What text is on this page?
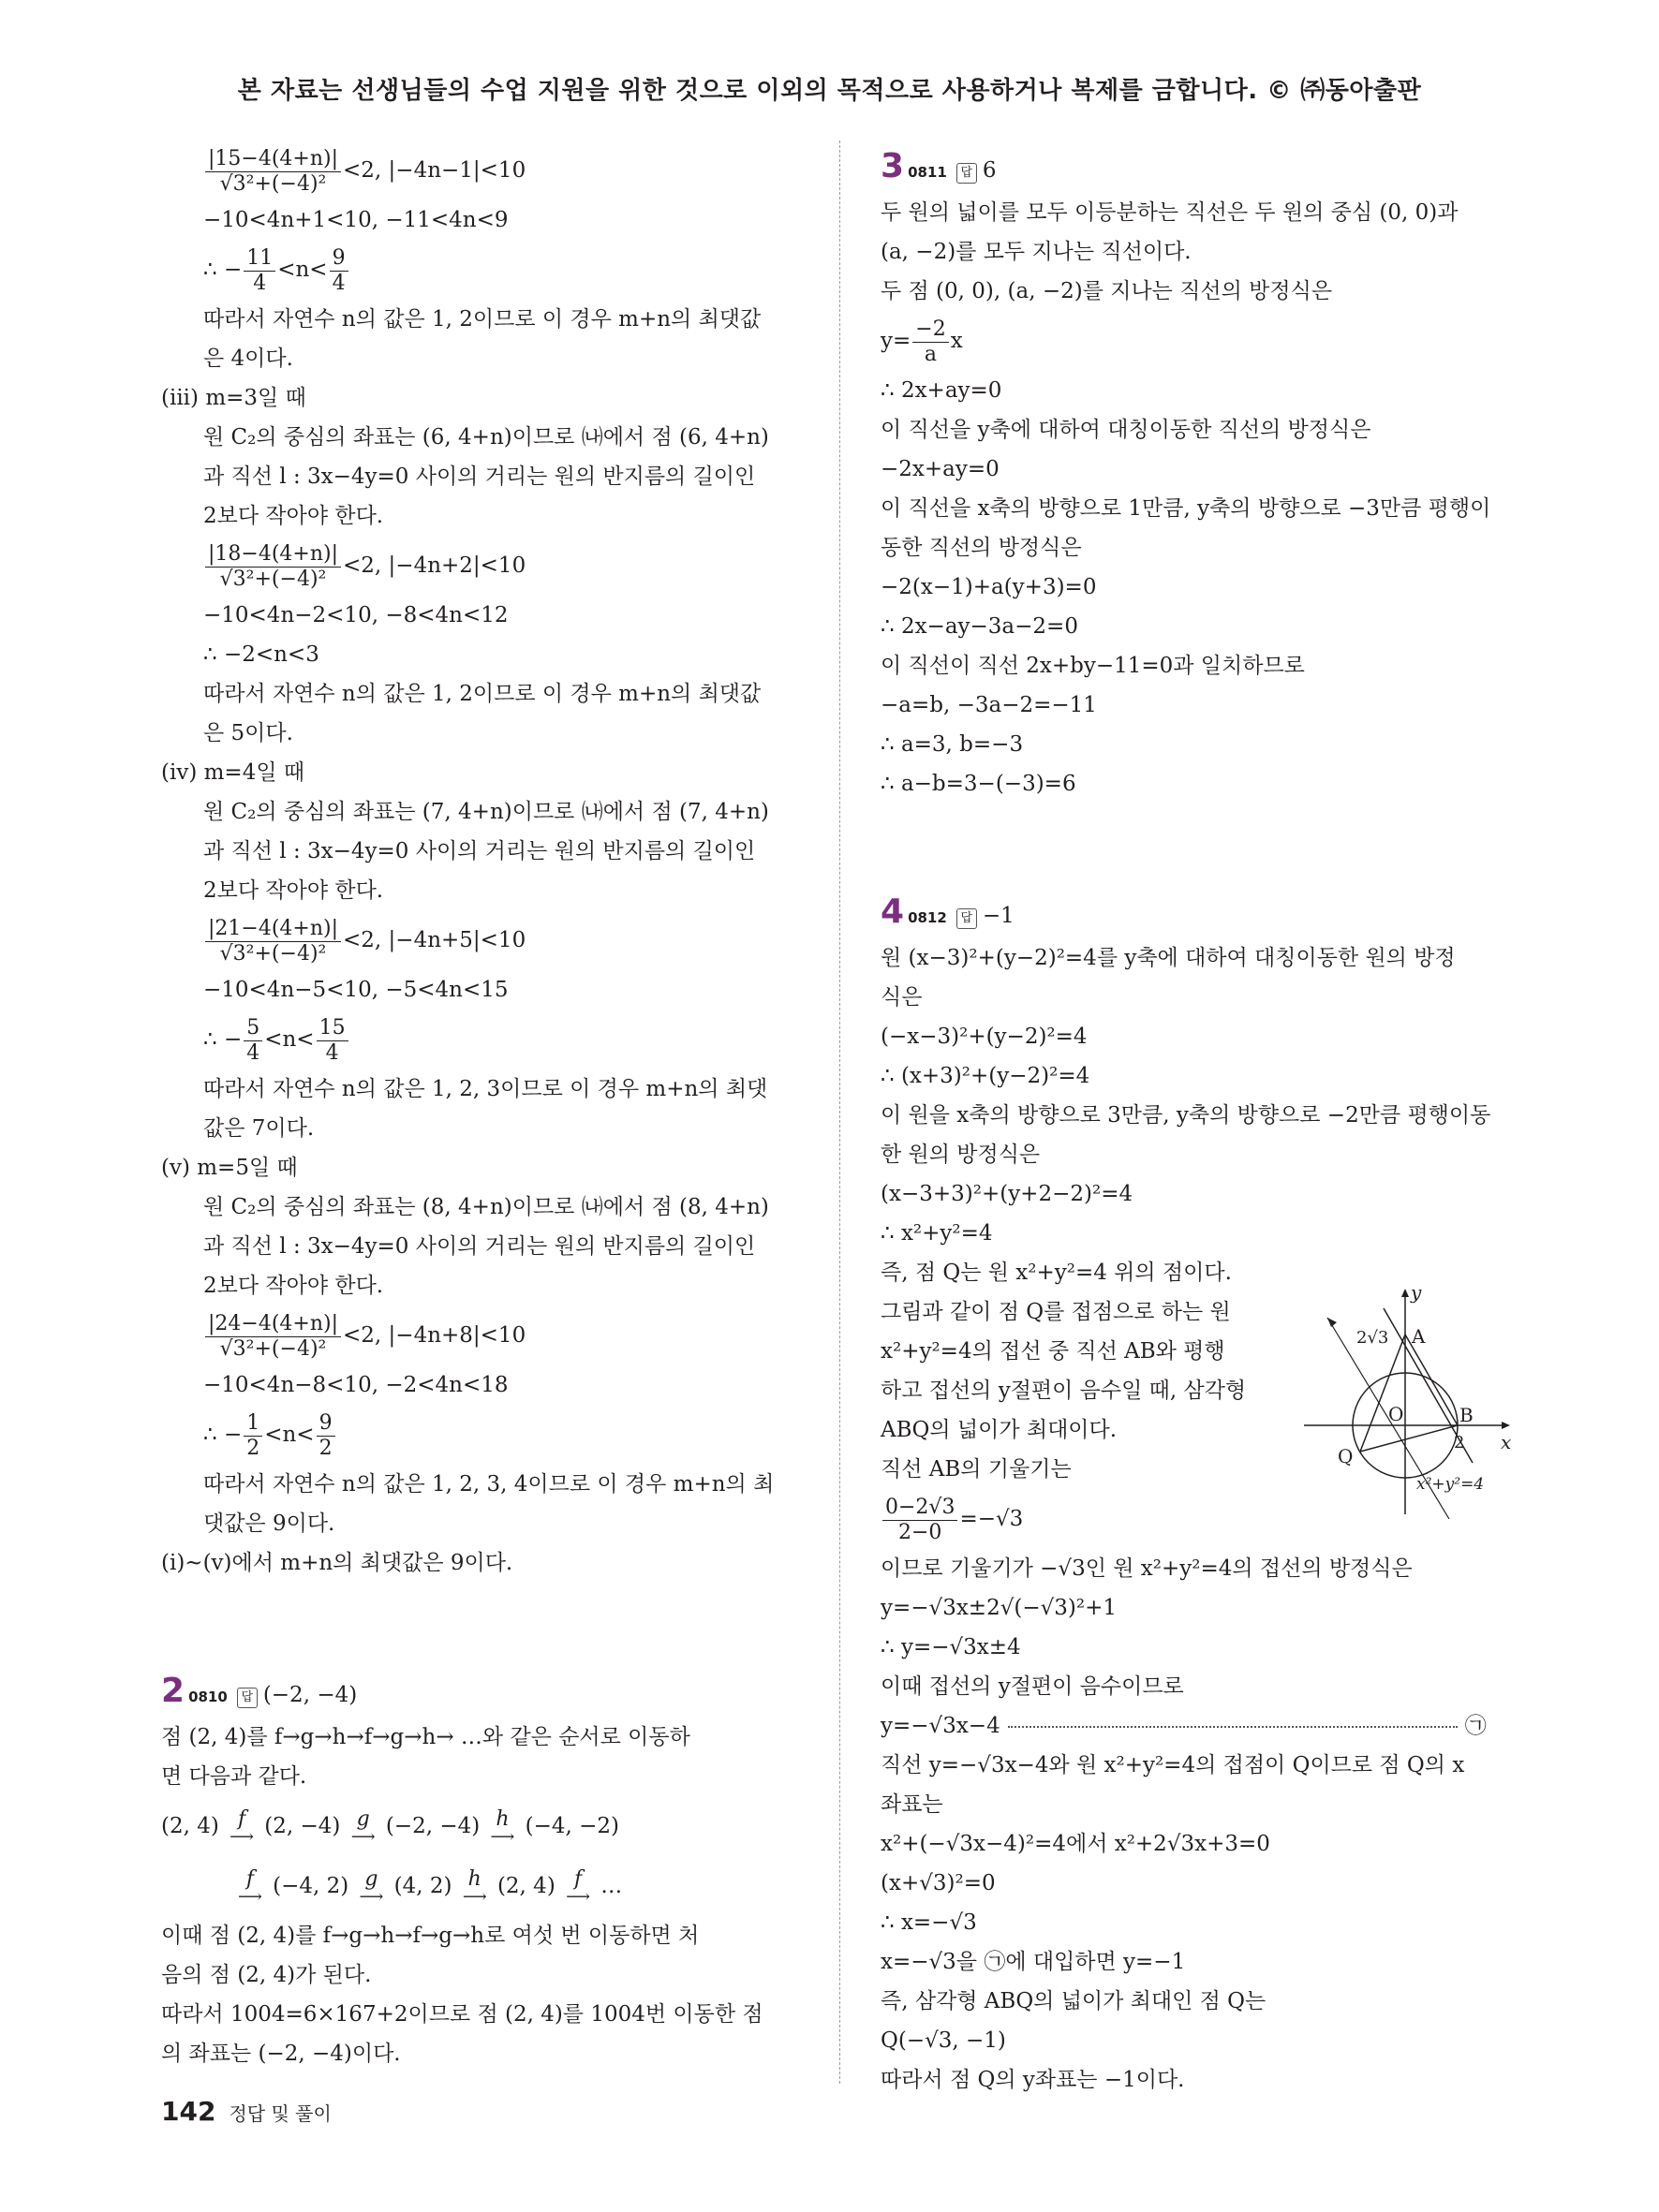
본 자료는 선생님들의 수업 지원을 위한 것으로 이외의 목적으로 사용하거나 복제를 금합니다. © ㈜동아출판
$\frac{|15-4(4+n)|}{\text{√3²+(−4)²}} <2$, |−4n−1|<10
−10<4n+1<10, −11<4n<9
∴ − $\frac{11}{4} <n< \frac{9}{4}$
따라서 자연수 n의 값은 1, 2이므로 이 경우 m+n의 최댓값
은 4이다.
(iii) m=3일 때
원 C₂의 중심의 좌표는 (6, 4+n)이므로 ㈏에서 점 (6, 4+n)
과 직선 l : 3x−4y=0 사이의 거리는 원의 반지름의 길이인
2보다 작아야 한다.
$\frac{|18-4(4+n)|}{\text{√3²+(−4)²}} <2$, |−4n+2|<10
−10<4n−2<10, −8<4n<12
∴ −2<n<3
따라서 자연수 n의 값은 1, 2이므로 이 경우 m+n의 최댓값
은 5이다.
(iv) m=4일 때
원 C₂의 중심의 좌표는 (7, 4+n)이므로 ㈏에서 점 (7, 4+n)
과 직선 l : 3x−4y=0 사이의 거리는 원의 반지름의 길이인
2보다 작아야 한다.
$\frac{|21-4(4+n)|}{\text{√3²+(−4)²}} <2$, |−4n+5|<10
−10<4n−5<10, −5<4n<15
∴ − $\frac{5}{4} <n< \frac{15}{4}$
따라서 자연수 n의 값은 1, 2, 3이므로 이 경우 m+n의 최댓
값은 7이다.
(v) m=5일 때
원 C₂의 중심의 좌표는 (8, 4+n)이므로 ㈏에서 점 (8, 4+n)
과 직선 l : 3x−4y=0 사이의 거리는 원의 반지름의 길이인
2보다 작아야 한다.
$\frac{|24-4(4+n)|}{\text{√3²+(−4)²}} <2$, |−4n+8|<10
−10<4n−8<10, −2<4n<18
∴ − $\frac{1}{2} <n< \frac{9}{2}$
따라서 자연수 n의 값은 1, 2, 3, 4이므로 이 경우 m+n의 최
댓값은 9이다.
(i)~(v)에서 m+n의 최댓값은 9이다.
2 0810 답 (−2, −4)
점 (2, 4)를 f→g→h→f→g→h→ …와 같은 순서로 이동하
면 다음과 같다.
(2, 4) f
⟶ (2, −4) g
⟶ (−2, −4) h
⟶ (−4, −2)
f
⟶ (−4, 2) g
⟶ (4, 2) h
⟶ (2, 4) f
⟶ …
이때 점 (2, 4)를 f→g→h→f→g→h로 여섯 번 이동하면 처
음의 점 (2, 4)가 된다.
따라서 1004=6×167+2이므로 점 (2, 4)를 1004번 이동한 점
의 좌표는 (−2, −4)이다.
3 0811 답 6
두 원의 넓이를 모두 이등분하는 직선은 두 원의 중심 (0, 0)과
(a, −2)를 모두 지나는 직선이다.
두 점 (0, 0), (a, −2)를 지나는 직선의 방정식은
$y= \frac{-2}{a}$ x
∴ 2x+ay=0
이 직선을 y축에 대하여 대칭이동한 직선의 방정식은
−2x+ay=0
이 직선을 x축의 방향으로 1만큼, y축의 방향으로 −3만큼 평행이
동한 직선의 방정식은
−2(x−1)+a(y+3)=0
∴ 2x−ay−3a−2=0
이 직선이 직선 2x+by−11=0과 일치하므로
−a=b, −3a−2=−11
∴ a=3, b=−3
∴ a−b=3−(−3)=6
4 0812 답 −1
원 (x−3)²+(y−2)²=4를 y축에 대하여 대칭이동한 원의 방정
식은
(−x−3)²+(y−2)²=4
∴ (x+3)²+(y−2)²=4
이 원을 x축의 방향으로 3만큼, y축의 방향으로 −2만큼 평행이동
한 원의 방정식은
(x−3+3)²+(y+2−2)²=4
∴ x²+y²=4
즉, 점 Q는 원 x²+y²=4 위의 점이다.
그림과 같이 점 Q를 접점으로 하는 원
x²+y²=4의 접선 중 직선 AB와 평행
하고 접선의 y절편이 음수일 때, 삼각형
ABQ의 넓이가 최대이다.
직선 AB의 기울기는
$\frac{0-2√3}{2-0} =-√3$
이므로 기울기가 −√3인 원 x²+y²=4의 접선의 방정식은
y=−√3x±2√(−√3)²+1
∴ y=−√3x±4
이때 접선의 y절편이 음수이므로
y=−√3x−4	㉠
직선 y=−√3x−4와 원 x²+y²=4의 접점이 Q이므로 점 Q의 x
좌표는
x²+(−√3x−4)²=4에서 x²+2√3x+3=0
(x+√3)²=0
∴ x=−√3
x=−√3을 ㉠에 대입하면 y=−1
즉, 삼각형 ABQ의 넓이가 최대인 점 Q는
Q(−√3, −1)
따라서 점 Q의 y좌표는 −1이다.
y
x
A
B
O
Q
2√3
2
x²+y²=4
142 정답 및 풀이
